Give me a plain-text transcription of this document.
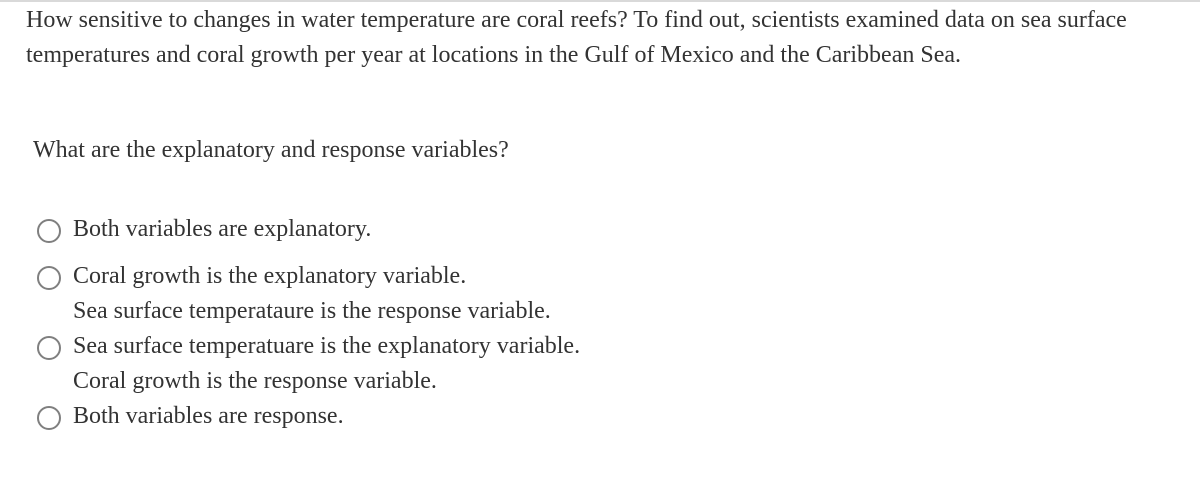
How sensitive to changes in water temperature are coral reefs? To find out, scientists examined data on sea surface temperatures and coral growth per year at locations in the Gulf of Mexico and the Caribbean Sea.
What are the explanatory and response variables?
Both variables are explanatory.
Coral growth is the explanatory variable.
Sea surface temperataure is the response variable.
Sea surface temperatuare is the explanatory variable.
Coral growth is the response variable.
Both variables are response.
